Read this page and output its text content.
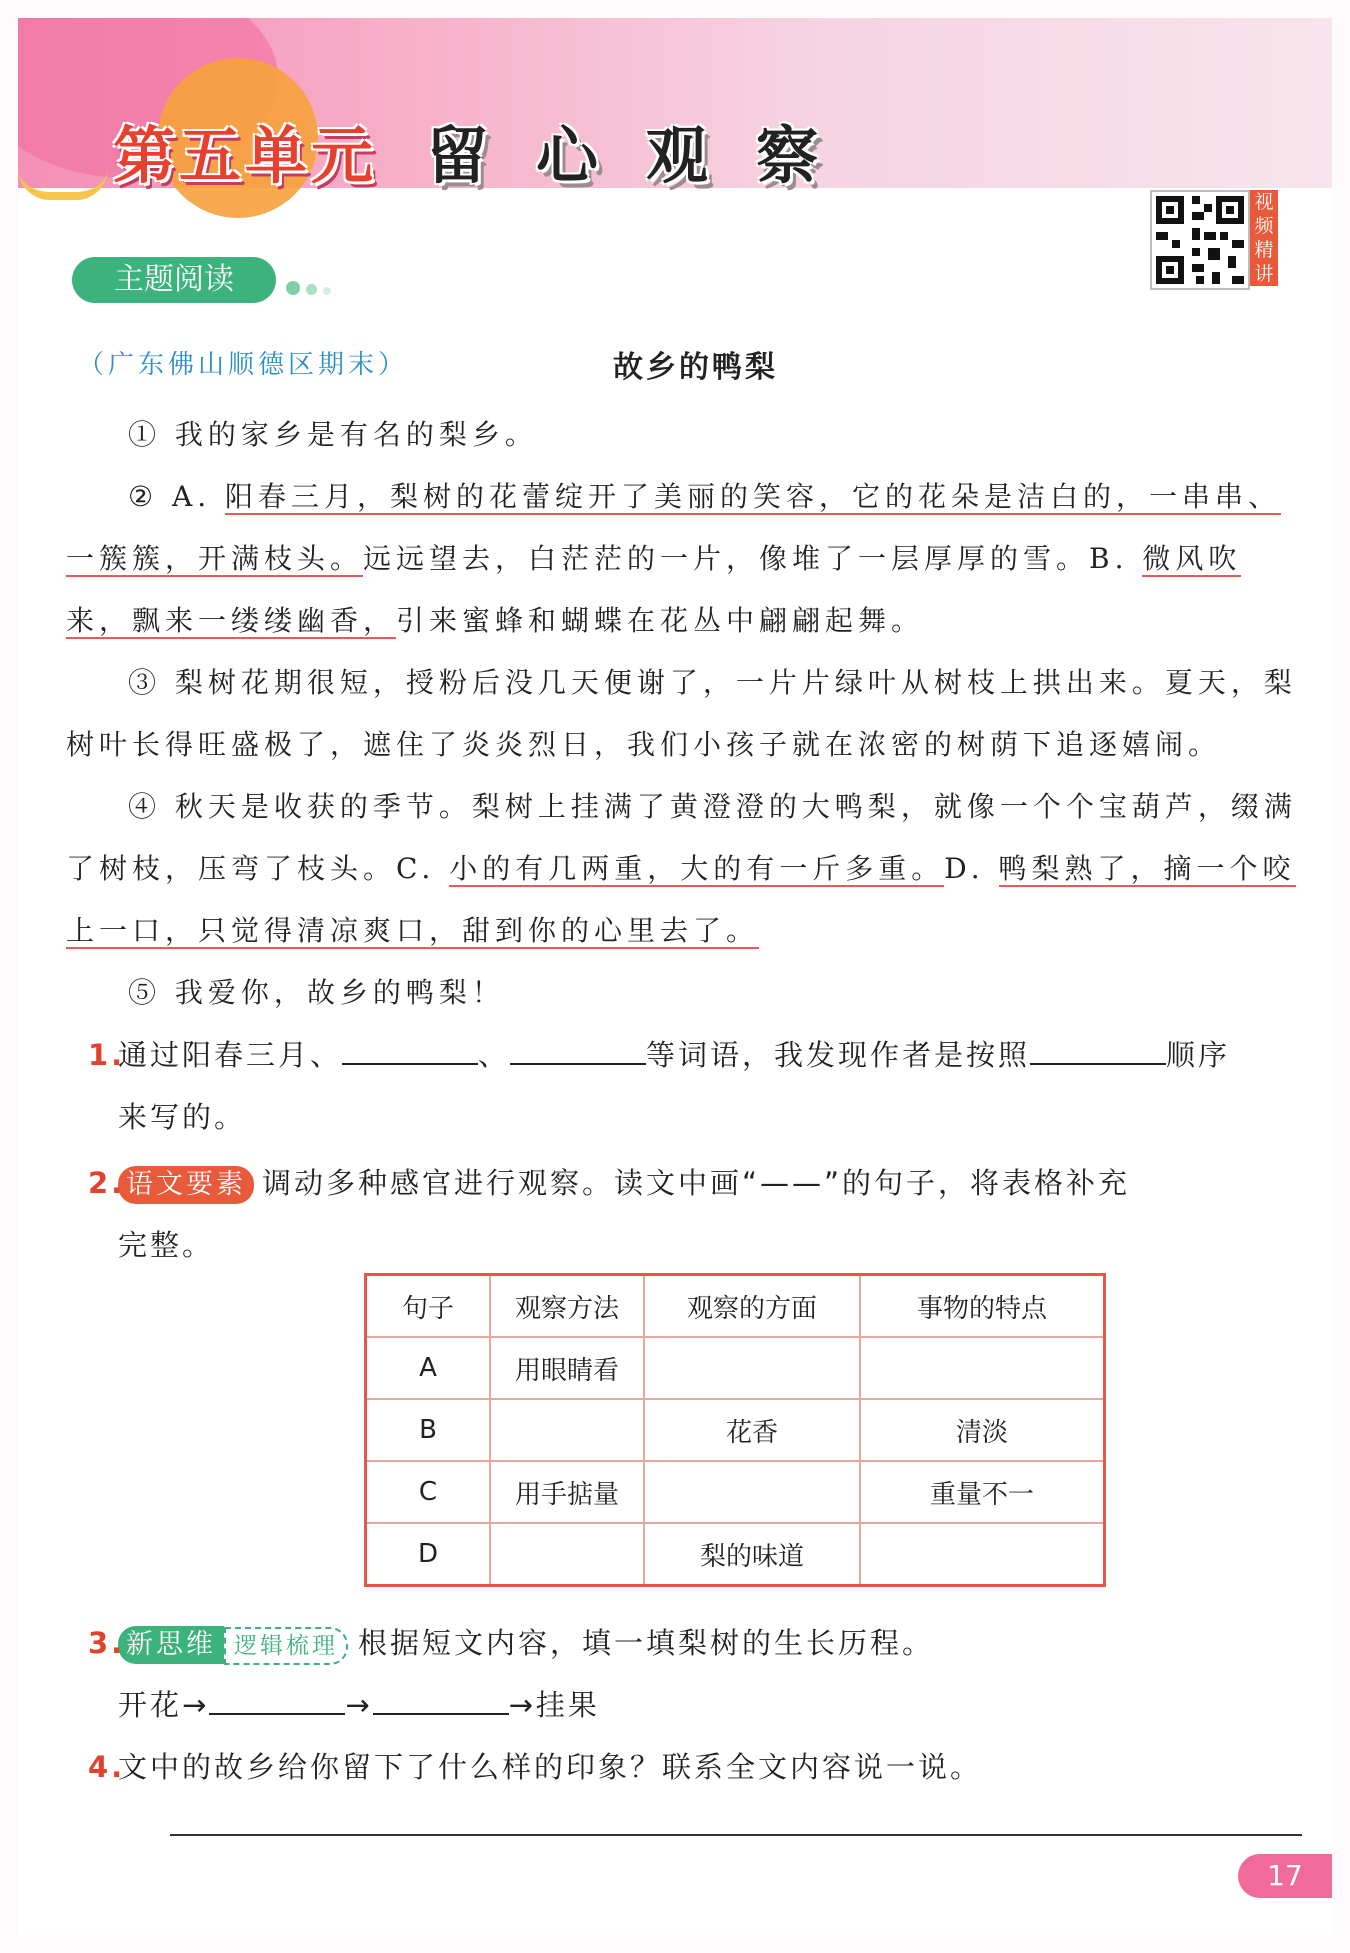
第五单元 留心观察
视频精讲
主题阅读
（广东佛山顺德区期末）	故乡的鸭梨
① 我的家乡是有名的梨乡。
② A. 阳春三月，梨树的花蕾绽开了美丽的笑容，它的花朵是洁白的，一串串、一簇簇，开满枝头。远远望去，白茫茫的一片，像堆了一层厚厚的雪。B. 微风吹来，飘来一缕缕幽香，引来蜜蜂和蝴蝶在花丛中翩翩起舞。
③ 梨树花期很短，授粉后没几天便谢了，一片片绿叶从树枝上拱出来。夏天，梨树叶长得旺盛极了，遮住了炎炎烈日，我们小孩子就在浓密的树荫下追逐嬉闹。
④ 秋天是收获的季节。梨树上挂满了黄澄澄的大鸭梨，就像一个个宝葫芦，缀满了树枝，压弯了枝头。C. 小的有几两重，大的有一斤多重。D. 鸭梨熟了，摘一个咬上一口，只觉得清凉爽口，甜到你的心里去了。
⑤ 我爱你，故乡的鸭梨！
1.
通过阳春三月、	、	等词语，我发现作者是按照	顺序
来写的。
2. 语文要素 调动多种感官进行观察。读文中画“——”的句子，将表格补充
完整。
句子	观察方法	观察的方面	事物的特点
A	用眼睛看		
B		花香	清淡
C	用手掂量		重量不一
D		梨的味道	
3. 新思维 逻辑梳理 根据短文内容，填一填梨树的生长历程。
开花→	→	→挂果
4.
文中的故乡给你留下了什么样的印象？联系全文内容说一说。
17
